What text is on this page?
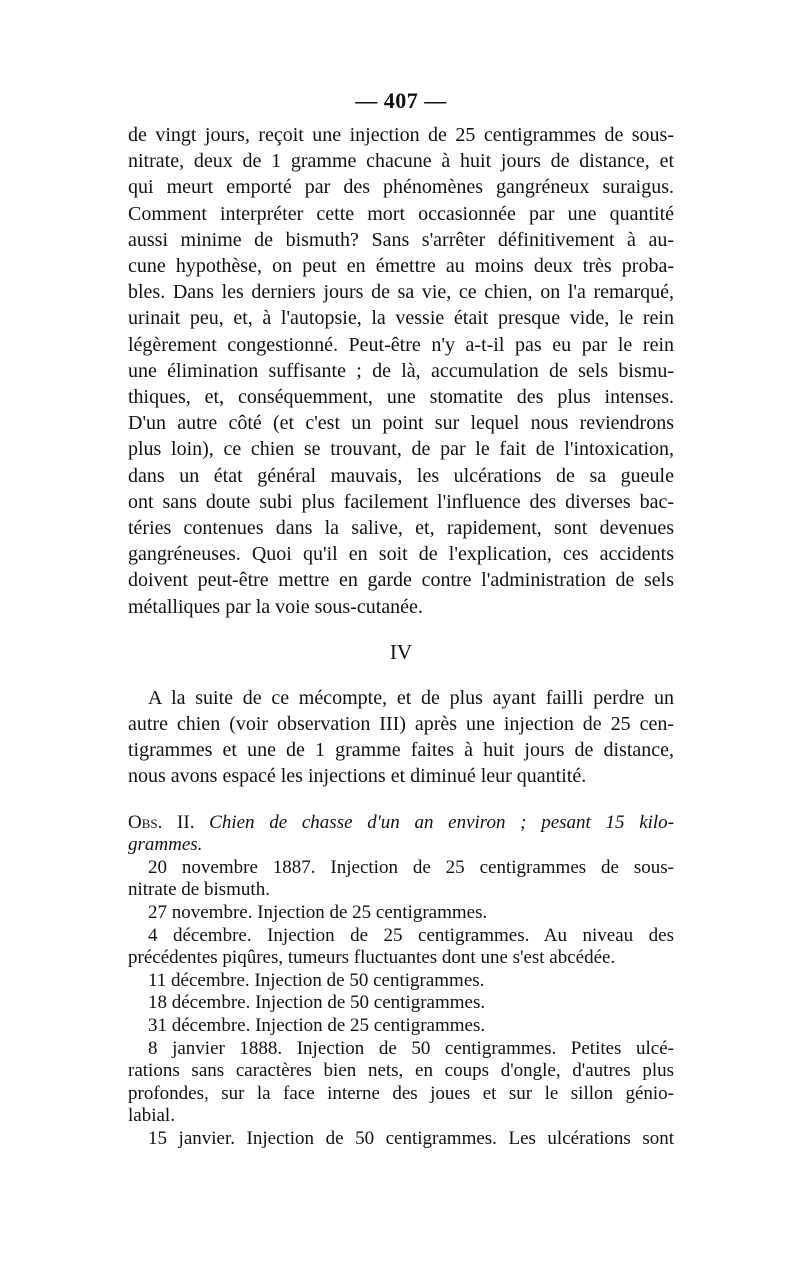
— 407 —
de vingt jours, reçoit une injection de 25 centigrammes de sous-
nitrate, deux de 1 gramme chacune à huit jours de distance, et
qui meurt emporté par des phénomènes gangréneux suraigus.
Comment interpréter cette mort occasionnée par une quantité
aussi minime de bismuth? Sans s'arrêter définitivement à au-
cune hypothèse, on peut en émettre au moins deux très proba-
bles. Dans les derniers jours de sa vie, ce chien, on l'a remarqué,
urinait peu, et, à l'autopsie, la vessie était presque vide, le rein
légèrement congestionné. Peut-être n'y a-t-il pas eu par le rein
une élimination suffisante ; de là, accumulation de sels bismu-
thiques, et, conséquemment, une stomatite des plus intenses.
D'un autre côté (et c'est un point sur lequel nous reviendrons
plus loin), ce chien se trouvant, de par le fait de l'intoxication,
dans un état général mauvais, les ulcérations de sa gueule
ont sans doute subi plus facilement l'influence des diverses bac-
téries contenues dans la salive, et, rapidement, sont devenues
gangréneuses. Quoi qu'il en soit de l'explication, ces accidents
doivent peut-être mettre en garde contre l'administration de sels
métalliques par la voie sous-cutanée.
IV
A la suite de ce mécompte, et de plus ayant failli perdre un
autre chien (voir observation III) après une injection de 25 cen-
tigrammes et une de 1 gramme faites à huit jours de distance,
nous avons espacé les injections et diminué leur quantité.
Obs. II. Chien de chasse d'un an environ ; pesant 15 kilo-
grammes.
20 novembre 1887. Injection de 25 centigrammes de sous-
nitrate de bismuth.
27 novembre. Injection de 25 centigrammes.
4 décembre. Injection de 25 centigrammes. Au niveau des
précédentes piqûres, tumeurs fluctuantes dont une s'est abcédée.
11 décembre. Injection de 50 centigrammes.
18 décembre. Injection de 50 centigrammes.
31 décembre. Injection de 25 centigrammes.
8 janvier 1888. Injection de 50 centigrammes. Petites ulcé-
rations sans caractères bien nets, en coups d'ongle, d'autres plus
profondes, sur la face interne des joues et sur le sillon génio-
labial.
15 janvier. Injection de 50 centigrammes. Les ulcérations sont
